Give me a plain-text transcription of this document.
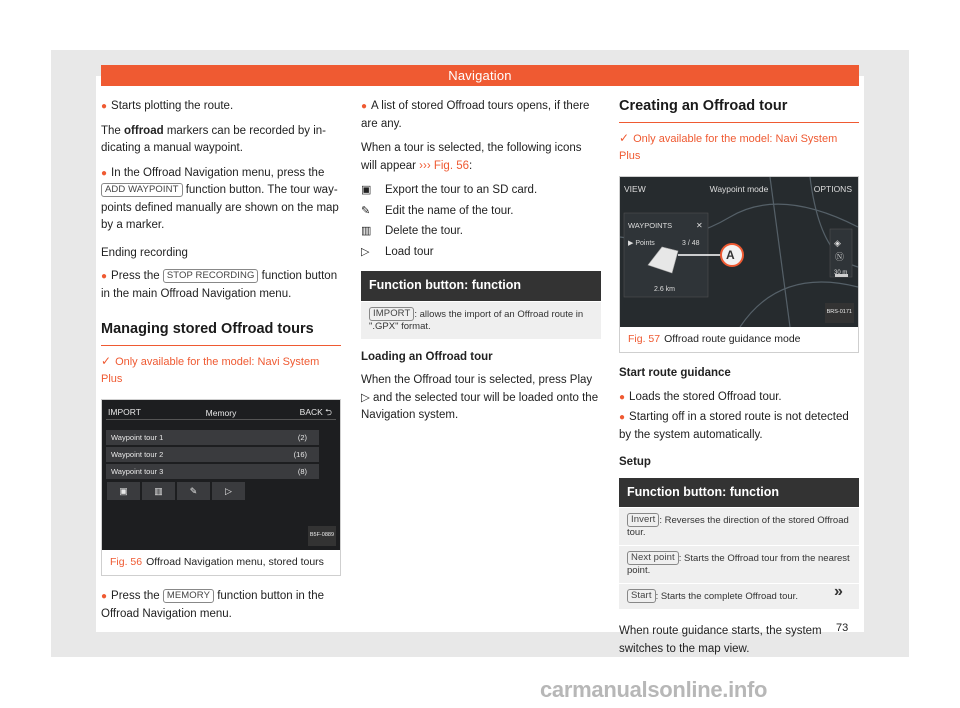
Navigation

● Starts plotting the route.

The offroad markers can be recorded by in-dicating a manual waypoint.

● In the Offroad Navigation menu, press the
ADD WAYPOINT function button. The tour way-points defined manually are shown on the map by a marker.

Ending recording

● Press the STOP RECORDING function button in the main Offroad Navigation menu.

Managing stored Offroad tours
✓ Only available for the model: Navi System Plus
IMPORT	Memory	BACK ⮌
Waypoint tour 1	(2)
Waypoint tour 2	(16)
Waypoint tour 3	(8)
▣	▥	✎	▷
B5F-0889
Fig. 56 Offroad Navigation menu, stored tours

● Press the MEMORY function button in the Offroad Navigation menu.

● A list of stored Offroad tours opens, if there are any.

When a tour is selected, the following icons will appear ››› Fig. 56:

▣	Export the tour to an SD card.
✎	Edit the name of the tour.
▥	Delete the tour.
▷	Load tour
Function button: function
IMPORT : allows the import of an Offroad route in ".GPX" format.
Loading an Offroad tour

When the Offroad tour is selected, press Play ▷ and the selected tour will be loaded onto the Navigation system.

Creating an Offroad tour
✓ Only available for the model: Navi System Plus
VIEW	Waypoint mode	OPTIONS
WAYPOINTS	✕
▶ Points	3 / 48
2.6 km
A
◈
Ⓝ
30 m
BRS-0171
Fig. 57 Offroad route guidance mode
Start route guidance

● Loads the stored Offroad tour.

● Starting off in a stored route is not detected by the system automatically.

Setup
Function button: function
Invert : Reverses the direction of the stored Offroad tour.
Next point : Starts the Offroad tour from the nearest point.
Start : Starts the complete Offroad tour.

When route guidance starts, the system switches to the map view.

»
73
carmanualsonline.info
